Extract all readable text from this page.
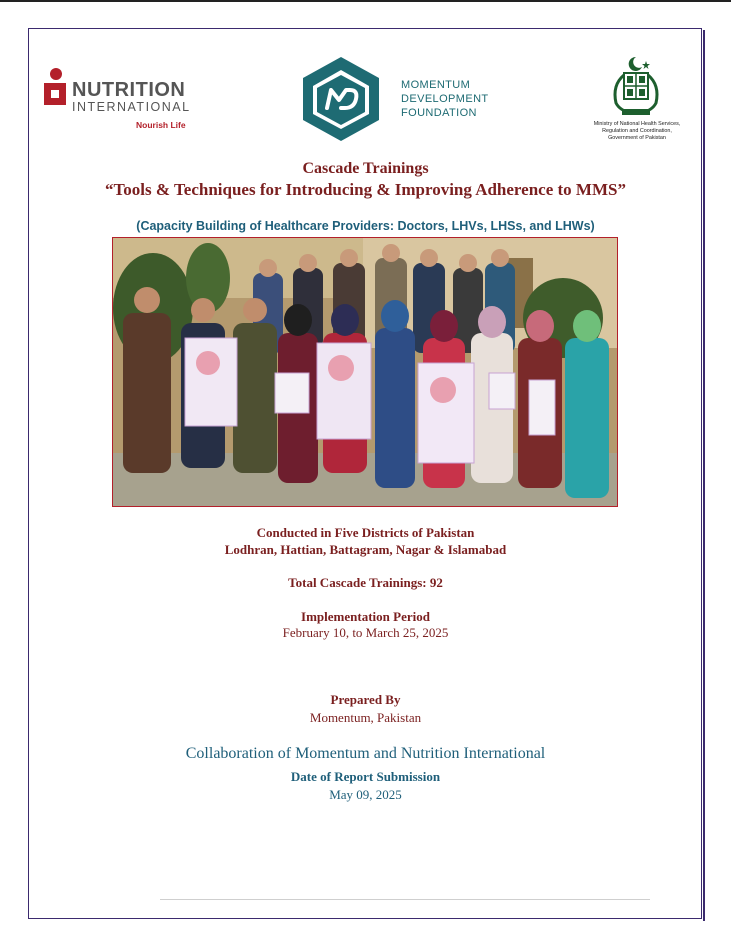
NUTRITION
INTERNATIONAL
Nourish Life
MOMENTUM
DEVELOPMENT
FOUNDATION
Ministry of National Health Services,
Regulation and Coordination,
Government of Pakistan
Cascade Trainings
“Tools & Techniques for Introducing & Improving Adherence to MMS”
(Capacity Building of Healthcare Providers: Doctors, LHVs, LHSs, and LHWs)
Conducted in Five Districts of Pakistan
Lodhran, Hattian, Battagram, Nagar & Islamabad
Total Cascade Trainings: 92
Implementation Period
February 10, to March 25, 2025
Prepared By
Momentum, Pakistan
Collaboration of Momentum and Nutrition International
Date of Report Submission
May 09, 2025
